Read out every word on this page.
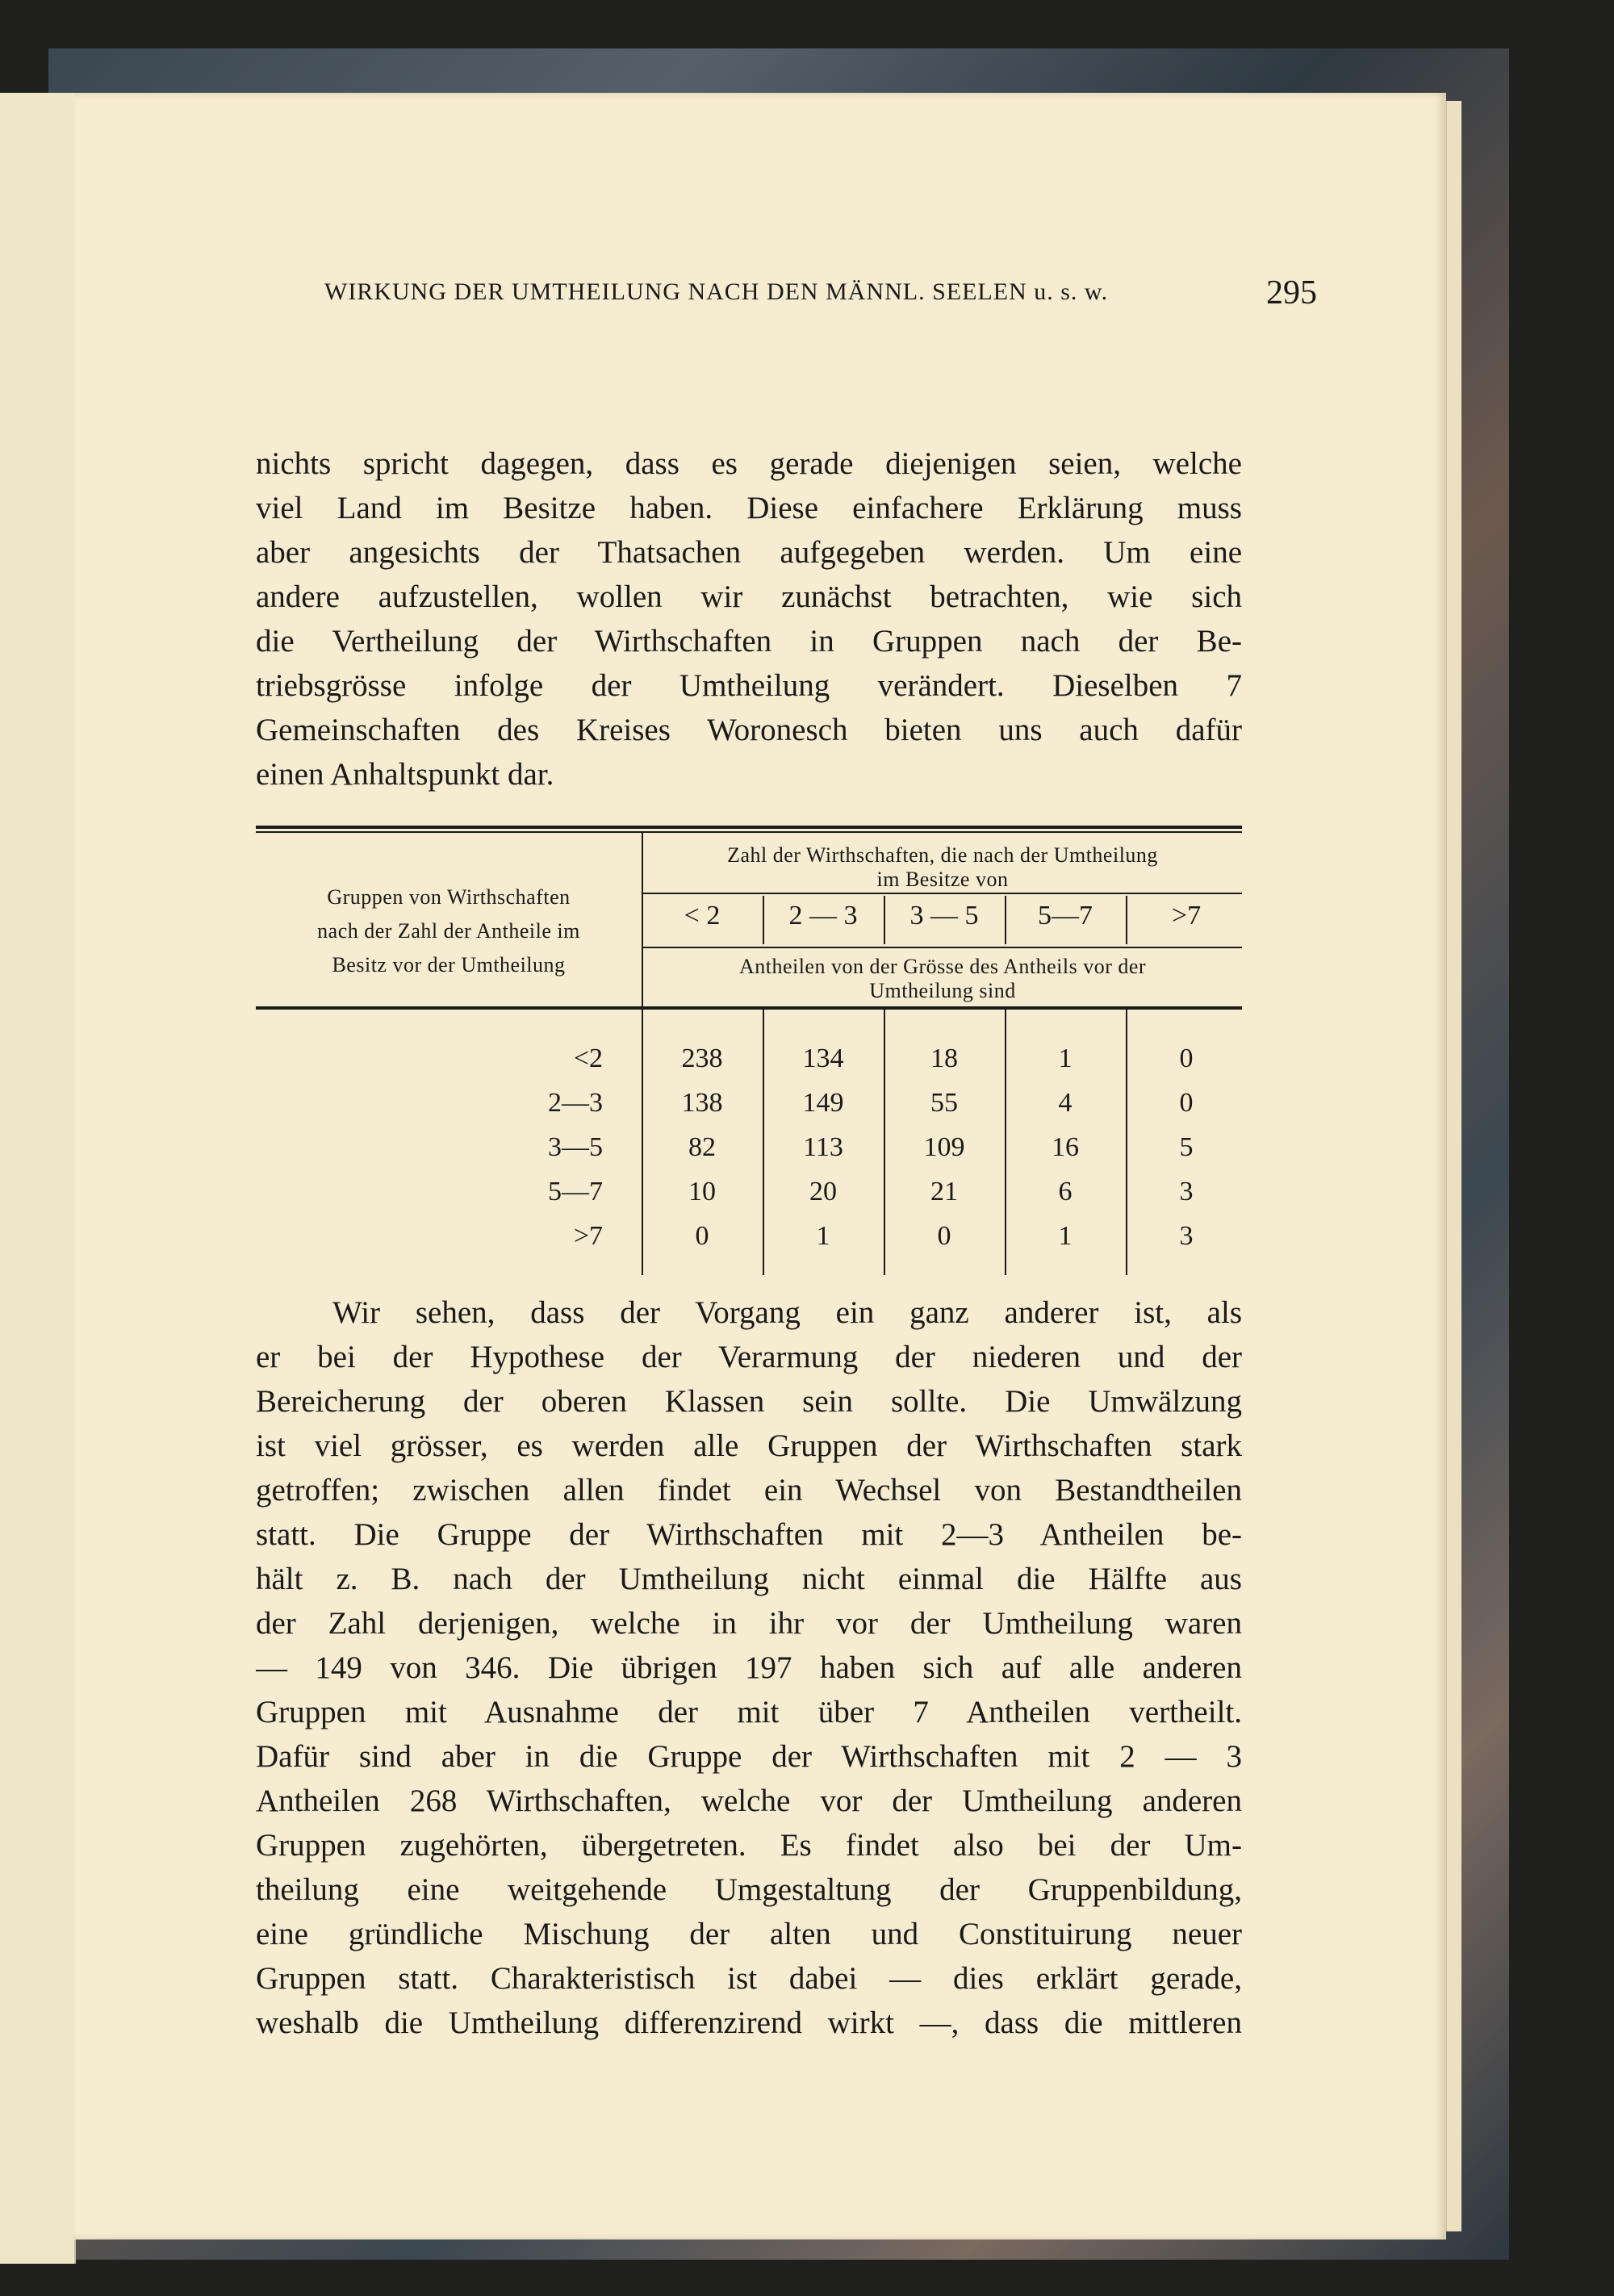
WIRKUNG DER UMTHEILUNG NACH DEN MÄNNL. SEELEN u. s. w.	295
nichts spricht dagegen, dass es gerade diejenigen seien, welche
viel Land im Besitze haben. Diese einfachere Erklärung muss
aber angesichts der Thatsachen aufgegeben werden. Um eine
andere aufzustellen, wollen wir zunächst betrachten, wie sich
die Vertheilung der Wirthschaften in Gruppen nach der Be-
triebsgrösse infolge der Umtheilung verändert. Dieselben 7
Gemeinschaften des Kreises Woronesch bieten uns auch dafür
einen Anhaltspunkt dar.
Gruppen von Wirthschaften
nach der Zahl der Antheile im
Besitz vor der Umtheilung
Zahl der Wirthschaften, die nach der Umtheilung
im Besitze von
< 2	2 — 3	3 — 5	5—7	>7
Antheilen von der Grösse des Antheils vor der
Umtheilung sind
<2	238	134	18	1	0
2—3	138	149	55	4	0
3—5	82	113	109	16	5
5—7	10	20	21	6	3
>7	0	1	0	1	3
Wir sehen, dass der Vorgang ein ganz anderer ist, als
er bei der Hypothese der Verarmung der niederen und der
Bereicherung der oberen Klassen sein sollte. Die Umwälzung
ist viel grösser, es werden alle Gruppen der Wirthschaften stark
getroffen; zwischen allen findet ein Wechsel von Bestandtheilen
statt. Die Gruppe der Wirthschaften mit 2—3 Antheilen be-
hält z. B. nach der Umtheilung nicht einmal die Hälfte aus
der Zahl derjenigen, welche in ihr vor der Umtheilung waren
— 149 von 346. Die übrigen 197 haben sich auf alle anderen
Gruppen mit Ausnahme der mit über 7 Antheilen vertheilt.
Dafür sind aber in die Gruppe der Wirthschaften mit 2 — 3
Antheilen 268 Wirthschaften, welche vor der Umtheilung anderen
Gruppen zugehörten, übergetreten. Es findet also bei der Um-
theilung eine weitgehende Umgestaltung der Gruppenbildung,
eine gründliche Mischung der alten und Constituirung neuer
Gruppen statt. Charakteristisch ist dabei — dies erklärt gerade,
weshalb die Umtheilung differenzirend wirkt —, dass die mittleren
